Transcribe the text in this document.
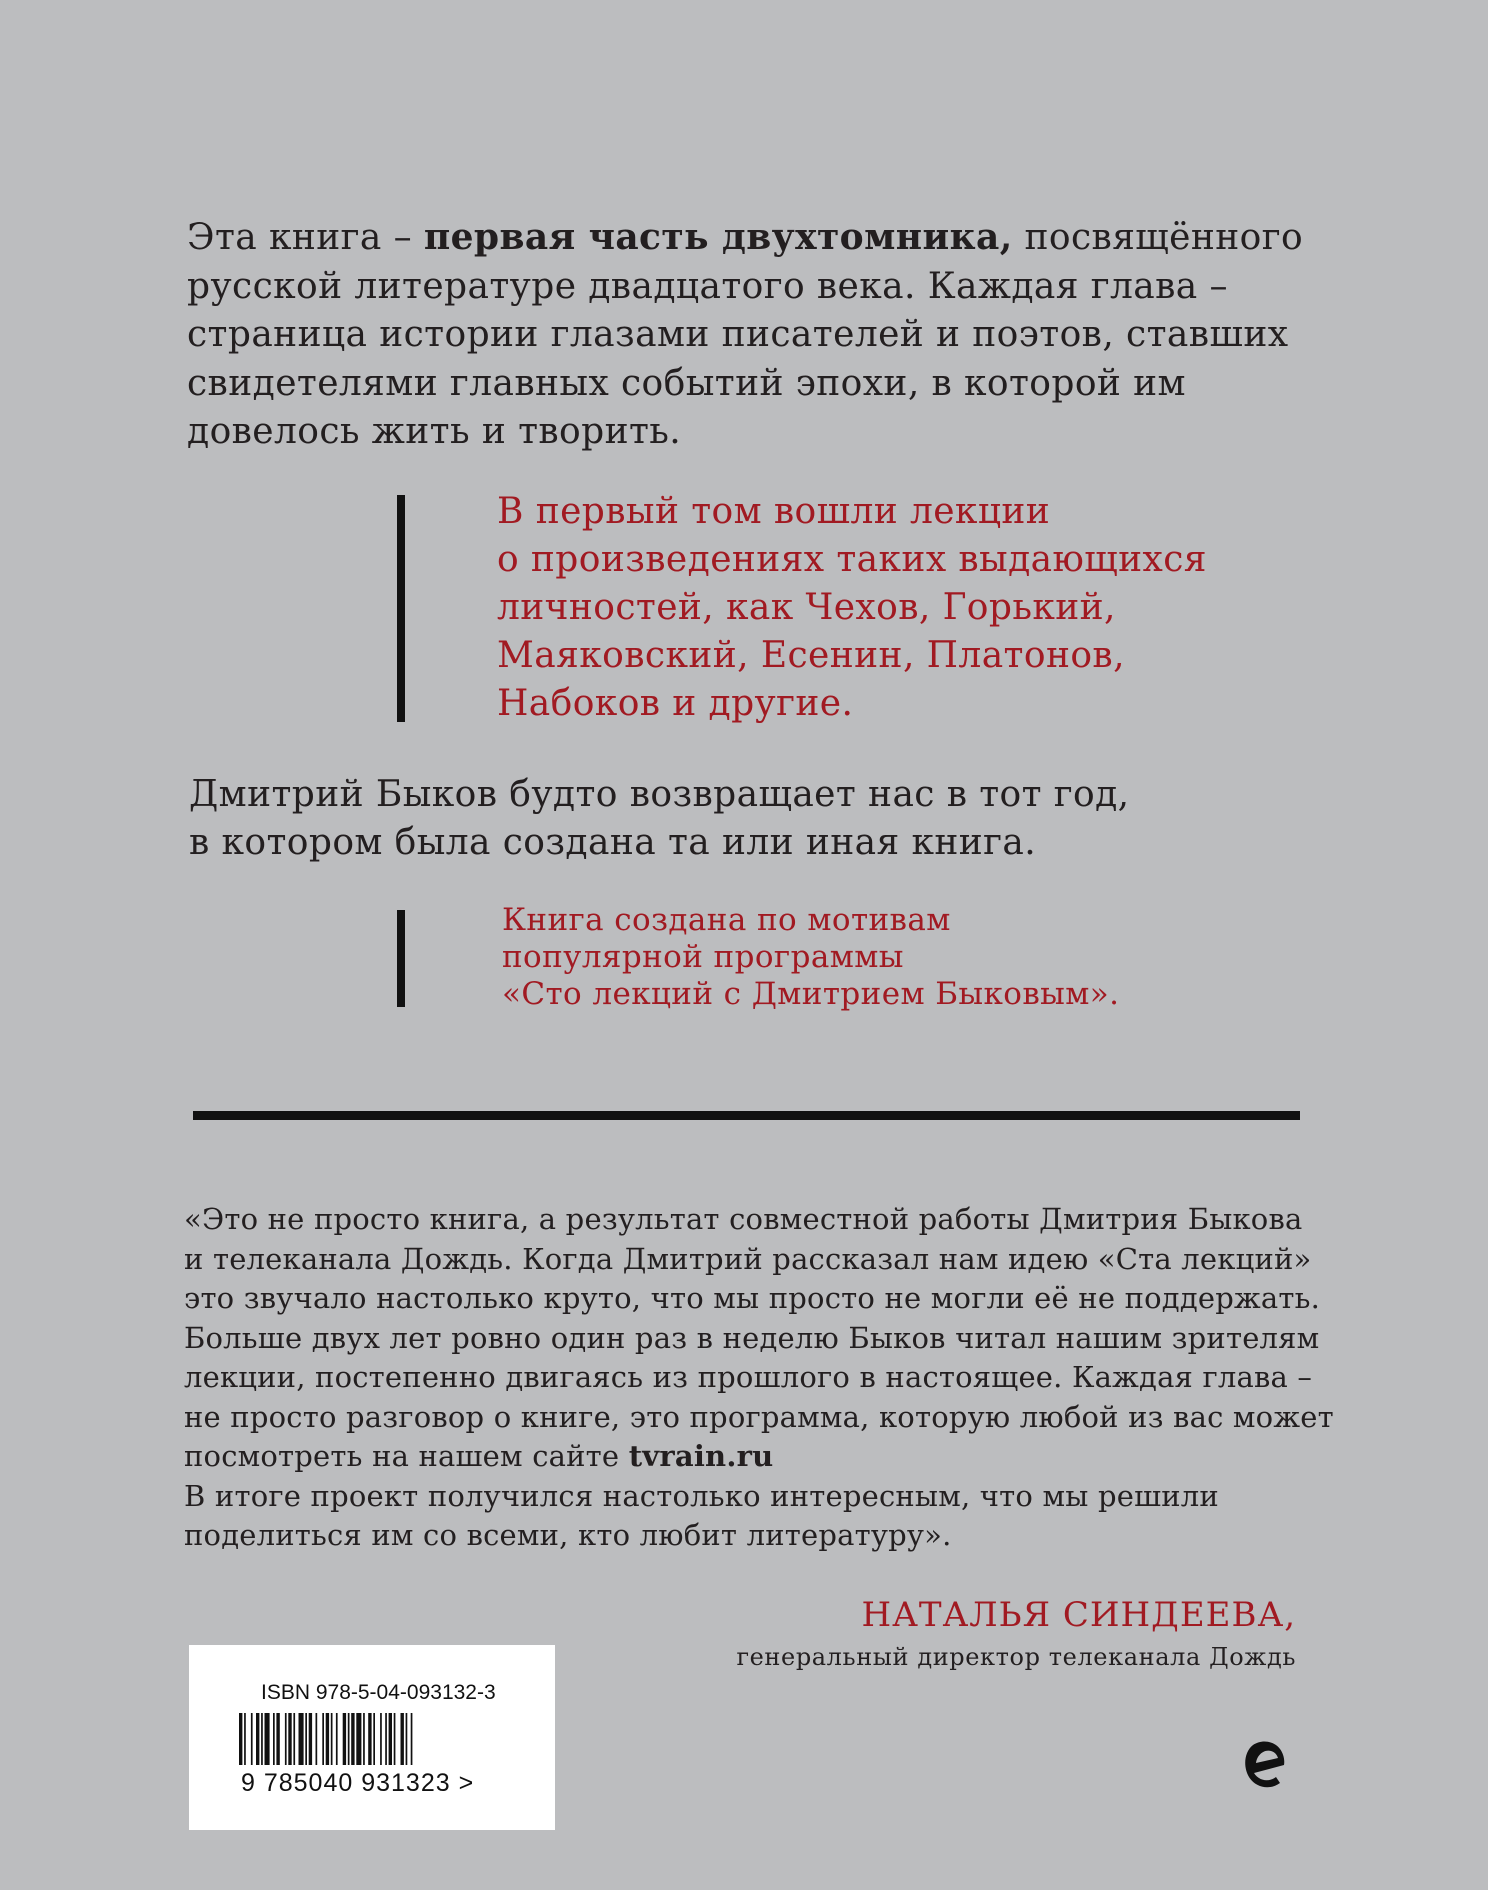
Эта книга – первая часть двухтомника, посвящённого русской литературе двадцатого века. Каждая глава – страница истории глазами писателей и поэтов, ставших свидетелями главных событий эпохи, в которой им довелось жить и творить.
В первый том вошли лекции
о произведениях таких выдающихся
личностей, как Чехов, Горький,
Маяковский, Есенин, Платонов,
Набоков и другие.
Дмитрий Быков будто возвращает нас в тот год,
в котором была создана та или иная книга.
Книга создана по мотивам
популярной программы
«Сто лекций с Дмитрием Быковым».
«Это не просто книга, а результат совместной работы Дмитрия Быкова
и телеканала Дождь. Когда Дмитрий рассказал нам идею «Ста лекций»
это звучало настолько круто, что мы просто не могли её не поддержать.
Больше двух лет ровно один раз в неделю Быков читал нашим зрителям
лекции, постепенно двигаясь из прошлого в настоящее. Каждая глава –
не просто разговор о книге, это программа, которую любой из вас может
посмотреть на нашем сайте tvrain.ru
В итоге проект получился настолько интересным, что мы решили
поделиться им со всеми, кто любит литературу».
НАТАЛЬЯ СИНДЕЕВА,
генеральный директор телеканала Дождь
ISBN 978-5-04-093132-3
9 785040 931323 >
